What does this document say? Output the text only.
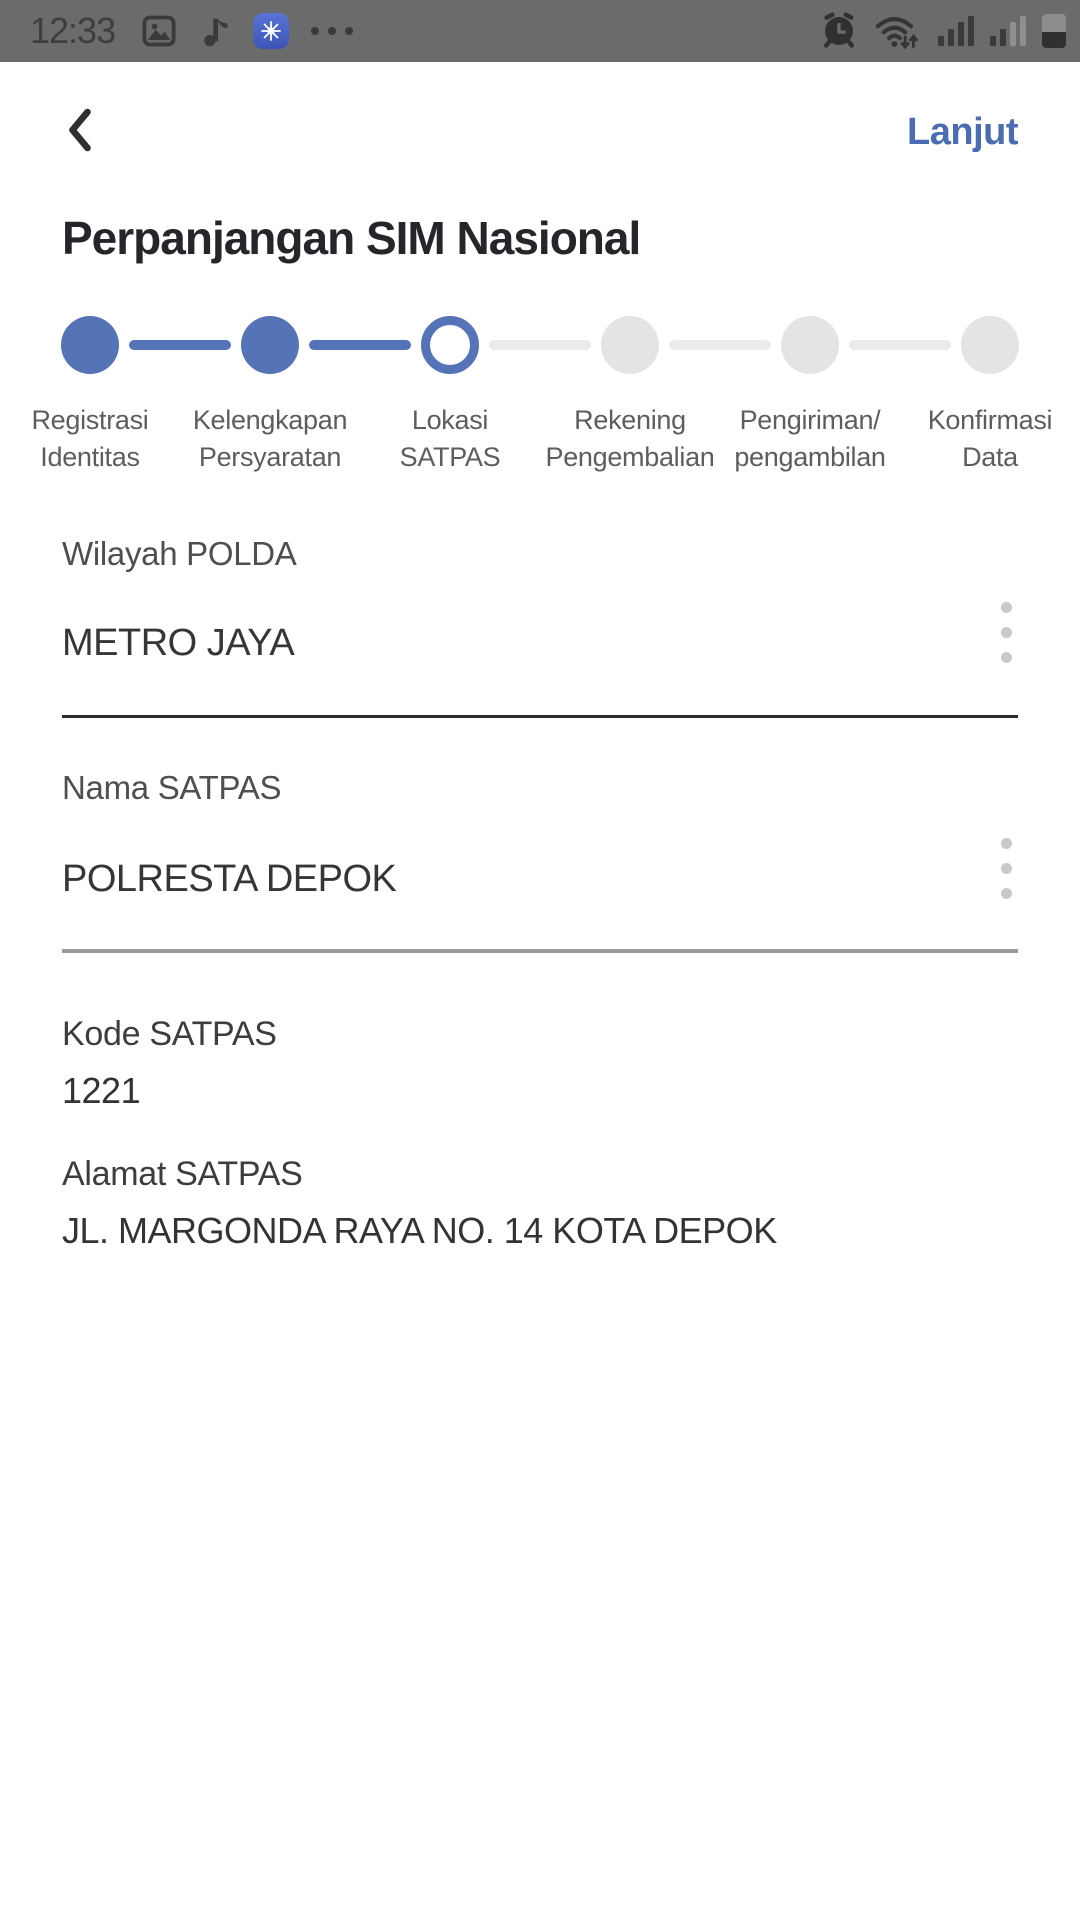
12:33
Lanjut
Perpanjangan SIM Nasional
Registrasi
Identitas
Kelengkapan
Persyaratan
Lokasi
SATPAS
Rekening
Pengembalian
Pengiriman/
pengambilan
Konfirmasi
Data
Wilayah POLDA
METRO JAYA
Nama SATPAS
POLRESTA DEPOK
Kode SATPAS
1221
Alamat SATPAS
JL. MARGONDA RAYA NO. 14 KOTA DEPOK
